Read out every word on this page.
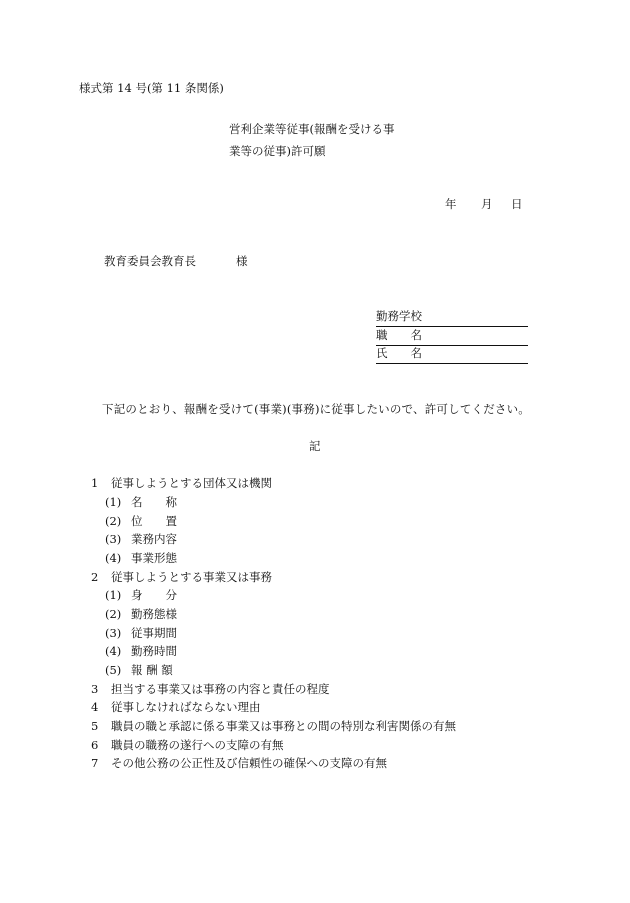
様式第 14 号(第 11 条関係)
営利企業等従事(報酬を受ける事
業等の従事)許可願
年 月 日
教育委員会教育長	様
勤務学校
職　　名
氏　　名
下記のとおり、報酬を受けて(事業)(事務)に従事したいので、許可してください。
記
1 従事しようとする団体又は機関
(1) 名　　称
(2) 位　　置
(3) 業務内容
(4) 事業形態
2 従事しようとする事業又は事務
(1) 身　　分
(2) 勤務態様
(3) 従事期間
(4) 勤務時間
(5) 報 酬 額
3 担当する事業又は事務の内容と責任の程度
4 従事しなければならない理由
5 職員の職と承認に係る事業又は事務との間の特別な利害関係の有無
6 職員の職務の遂行への支障の有無
7 その他公務の公正性及び信頼性の確保への支障の有無
